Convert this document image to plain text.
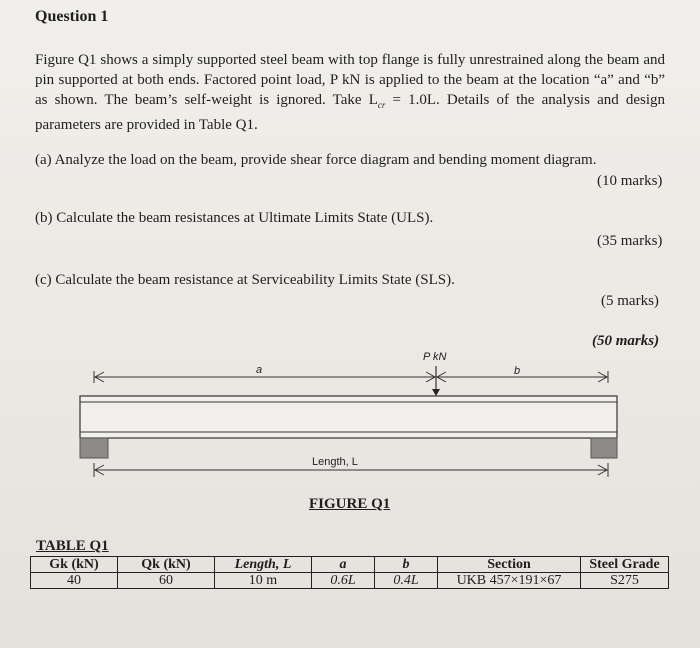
Question 1
Figure Q1 shows a simply supported steel beam with top flange is fully unrestrained along the beam and pin supported at both ends. Factored point load, P kN is applied to the beam at the location “a” and “b” as shown. The beam’s self-weight is ignored. Take $L_{cr} = 1.0L$. Details of the analysis and design parameters are provided in Table Q1.
(a) Analyze the load on the beam, provide shear force diagram and bending moment diagram.
(10 marks)
(b) Calculate the beam resistances at Ultimate Limits State (ULS).
(35 marks)
(c) Calculate the beam resistance at Serviceability Limits State (SLS).
(5 marks)
(50 marks)
P kN
a	b
Length, L
FIGURE Q1
TABLE Q1
Gk (kN)	Qk (kN)	Length, L	a	b	Section	Steel Grade
40	60	10 m	0.6L	0.4L	UKB 457×191×67	S275
